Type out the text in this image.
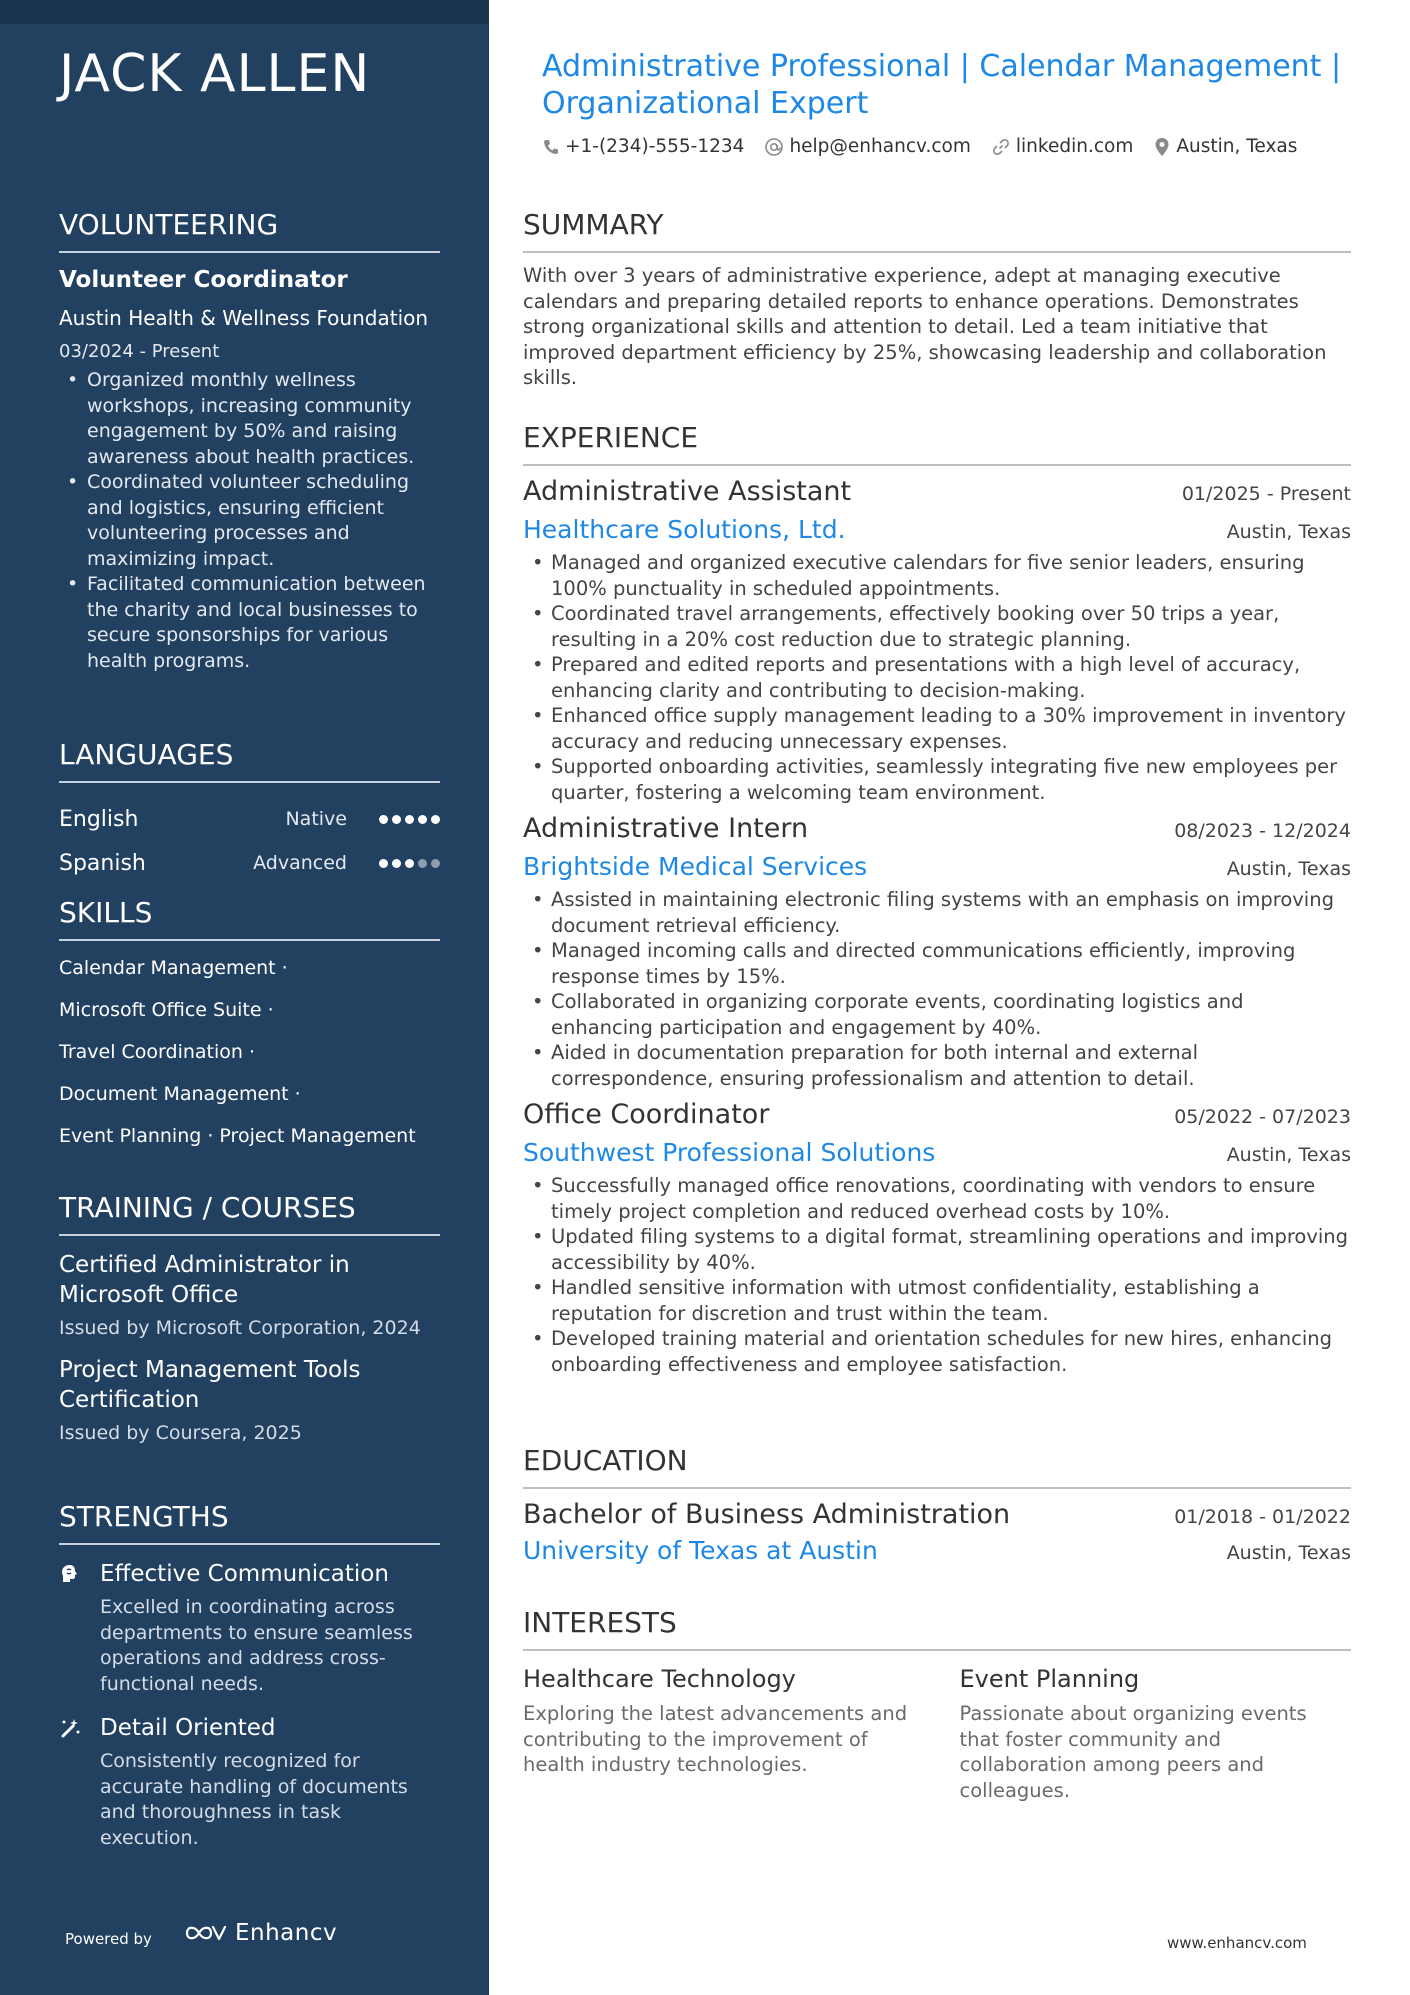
JACK ALLEN
VOLUNTEERING
Volunteer Coordinator
Austin Health & Wellness Foundation
03/2024 - Present
• Organized monthly wellness workshops, increasing community engagement by 50% and raising awareness about health practices.
• Coordinated volunteer scheduling and logistics, ensuring efficient volunteering processes and maximizing impact.
• Facilitated communication between the charity and local businesses to secure sponsorships for various health programs.
LANGUAGES
English	Native
Spanish	Advanced
SKILLS
Calendar Management ·
Microsoft Office Suite ·
Travel Coordination ·
Document Management ·
Event Planning · Project Management
TRAINING / COURSES
Certified Administrator in Microsoft Office
Issued by Microsoft Corporation, 2024
Project Management Tools Certification
Issued by Coursera, 2025
STRENGTHS
Effective Communication
Excelled in coordinating across departments to ensure seamless operations and address cross-functional needs.
Detail Oriented
Consistently recognized for accurate handling of documents and thoroughness in task execution.
Powered by	Enhancv
Administrative Professional | Calendar Management | Organizational Expert
+1-(234)-555-1234 help@enhancv.com linkedin.com Austin, Texas
SUMMARY
With over 3 years of administrative experience, adept at managing executive calendars and preparing detailed reports to enhance operations. Demonstrates strong organizational skills and attention to detail. Led a team initiative that improved department efficiency by 25%, showcasing leadership and collaboration skills.
EXPERIENCE
Administrative Assistant	01/2025 - Present
Healthcare Solutions, Ltd.	Austin, Texas
• Managed and organized executive calendars for five senior leaders, ensuring 100% punctuality in scheduled appointments.
• Coordinated travel arrangements, effectively booking over 50 trips a year, resulting in a 20% cost reduction due to strategic planning.
• Prepared and edited reports and presentations with a high level of accuracy, enhancing clarity and contributing to decision-making.
• Enhanced office supply management leading to a 30% improvement in inventory accuracy and reducing unnecessary expenses.
• Supported onboarding activities, seamlessly integrating five new employees per quarter, fostering a welcoming team environment.
Administrative Intern	08/2023 - 12/2024
Brightside Medical Services	Austin, Texas
• Assisted in maintaining electronic filing systems with an emphasis on improving document retrieval efficiency.
• Managed incoming calls and directed communications efficiently, improving response times by 15%.
• Collaborated in organizing corporate events, coordinating logistics and enhancing participation and engagement by 40%.
• Aided in documentation preparation for both internal and external correspondence, ensuring professionalism and attention to detail.
Office Coordinator	05/2022 - 07/2023
Southwest Professional Solutions	Austin, Texas
• Successfully managed office renovations, coordinating with vendors to ensure timely project completion and reduced overhead costs by 10%.
• Updated filing systems to a digital format, streamlining operations and improving accessibility by 40%.
• Handled sensitive information with utmost confidentiality, establishing a reputation for discretion and trust within the team.
• Developed training material and orientation schedules for new hires, enhancing onboarding effectiveness and employee satisfaction.
EDUCATION
Bachelor of Business Administration	01/2018 - 01/2022
University of Texas at Austin	Austin, Texas
INTERESTS
Healthcare Technology
Exploring the latest advancements and contributing to the improvement of health industry technologies.
Event Planning
Passionate about organizing events that foster community and collaboration among peers and colleagues.
www.enhancv.com
